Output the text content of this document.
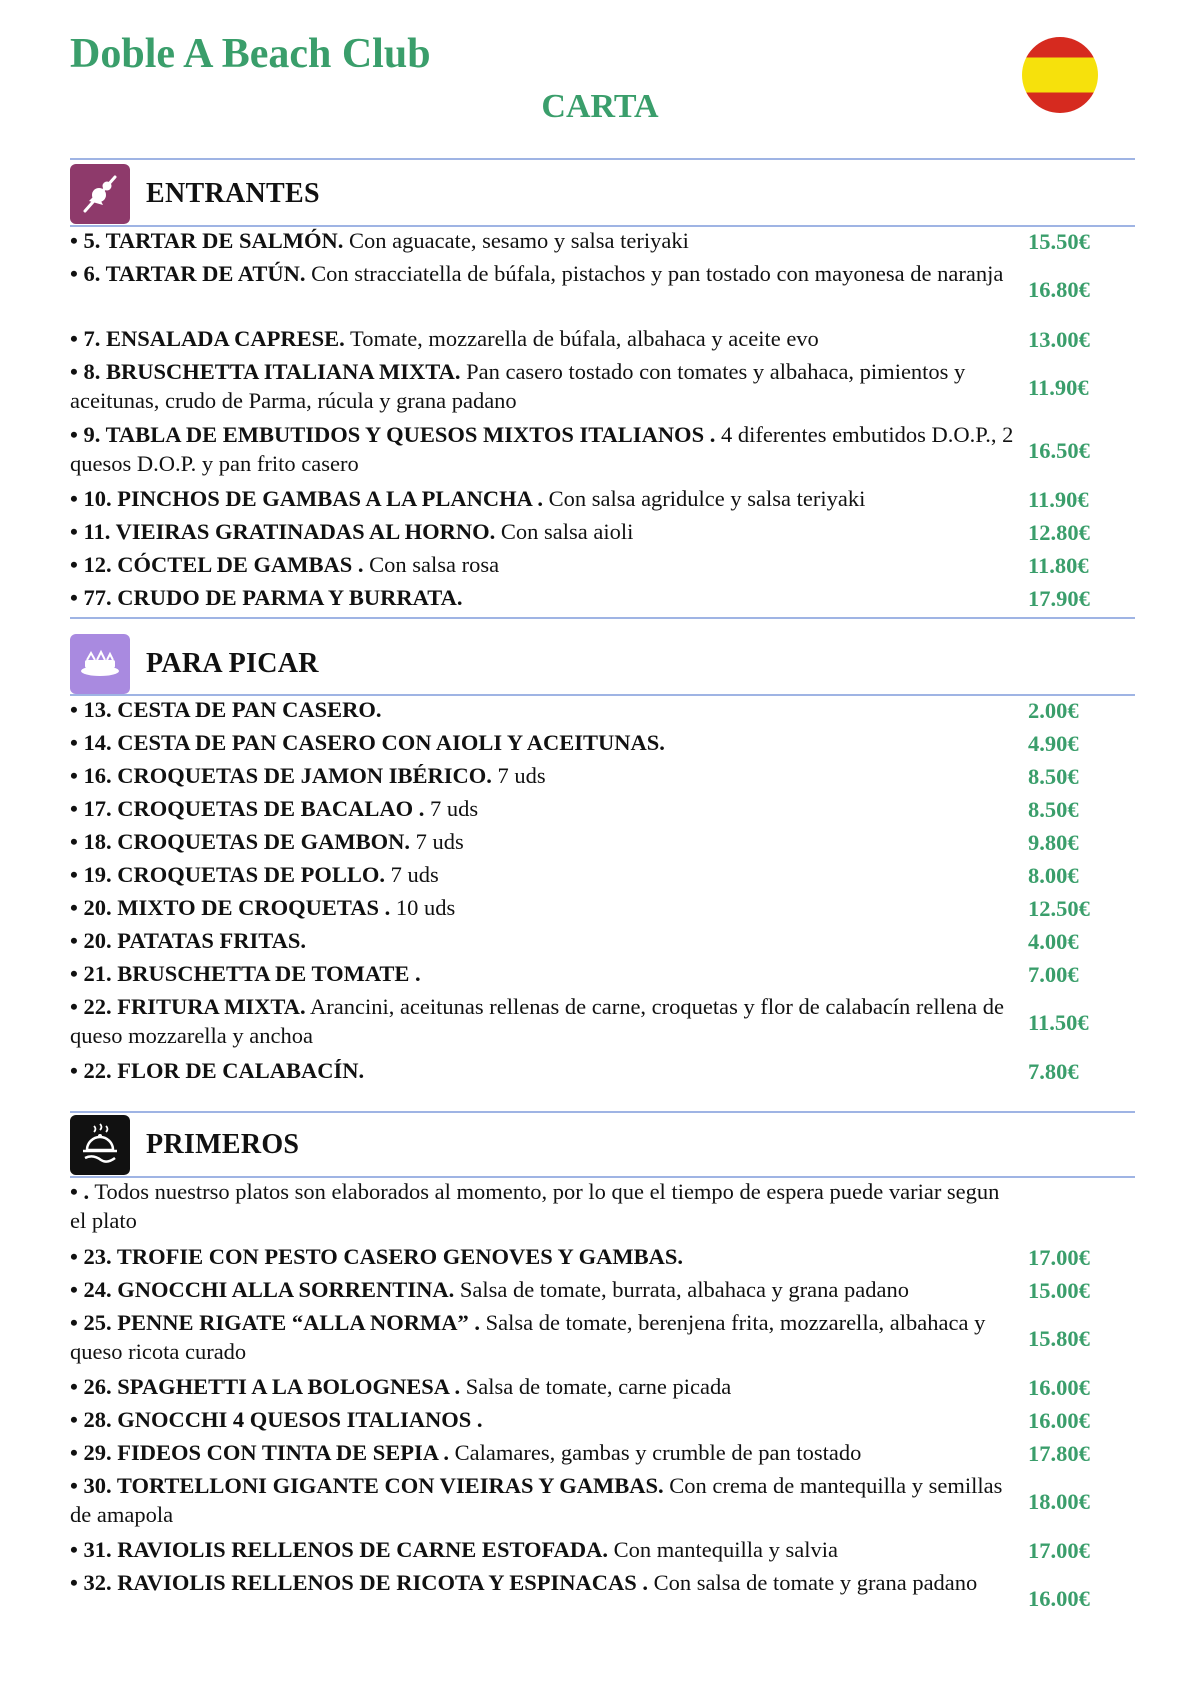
Doble A Beach Club
CARTA
ENTRANTES
• 5. TARTAR DE SALMÓN. Con aguacate, sesamo y salsa teriyaki	15.50€
• 6. TARTAR DE ATÚN. Con stracciatella de búfala, pistachos y pan tostado con mayonesa de naranja
16.80€
• 7. ENSALADA CAPRESE. Tomate, mozzarella de búfala, albahaca y aceite evo	13.00€
• 8. BRUSCHETTA ITALIANA MIXTA. Pan casero tostado con tomates y albahaca, pimientos y aceitunas, crudo de Parma, rúcula y grana padano
11.90€
• 9. TABLA DE EMBUTIDOS Y QUESOS MIXTOS ITALIANOS . 4 diferentes embutidos D.O.P., 2 quesos D.O.P. y pan frito casero
16.50€
• 10. PINCHOS DE GAMBAS A LA PLANCHA . Con salsa agridulce y salsa teriyaki	11.90€
• 11. VIEIRAS GRATINADAS AL HORNO. Con salsa aioli	12.80€
• 12. CÓCTEL DE GAMBAS . Con salsa rosa	11.80€
• 77. CRUDO DE PARMA Y BURRATA.	17.90€
PARA PICAR
• 13. CESTA DE PAN CASERO.	2.00€
• 14. CESTA DE PAN CASERO CON AIOLI Y ACEITUNAS.	4.90€
• 16. CROQUETAS DE JAMON IBÉRICO. 7 uds	8.50€
• 17. CROQUETAS DE BACALAO . 7 uds	8.50€
• 18. CROQUETAS DE GAMBON. 7 uds	9.80€
• 19. CROQUETAS DE POLLO. 7 uds	8.00€
• 20. MIXTO DE CROQUETAS . 10 uds	12.50€
• 20. PATATAS FRITAS.	4.00€
• 21. BRUSCHETTA DE TOMATE .	7.00€
• 22. FRITURA MIXTA. Arancini, aceitunas rellenas de carne, croquetas y flor de calabacín rellena de queso mozzarella y anchoa
11.50€
• 22. FLOR DE CALABACÍN.	7.80€
PRIMEROS
• . Todos nuestrso platos son elaborados al momento, por lo que el tiempo de espera puede variar segun el plato
• 23. TROFIE CON PESTO CASERO GENOVES Y GAMBAS.	17.00€
• 24. GNOCCHI ALLA SORRENTINA. Salsa de tomate, burrata, albahaca y grana padano	15.00€
• 25. PENNE RIGATE “ALLA NORMA” . Salsa de tomate, berenjena frita, mozzarella, albahaca y queso ricota curado
15.80€
• 26. SPAGHETTI A LA BOLOGNESA . Salsa de tomate, carne picada	16.00€
• 28. GNOCCHI 4 QUESOS ITALIANOS .	16.00€
• 29. FIDEOS CON TINTA DE SEPIA . Calamares, gambas y crumble de pan tostado	17.80€
• 30. TORTELLONI GIGANTE CON VIEIRAS Y GAMBAS. Con crema de mantequilla y semillas de amapola
18.00€
• 31. RAVIOLIS RELLENOS DE CARNE ESTOFADA. Con mantequilla y salvia	17.00€
• 32. RAVIOLIS RELLENOS DE RICOTA Y ESPINACAS . Con salsa de tomate y grana padano
16.00€
